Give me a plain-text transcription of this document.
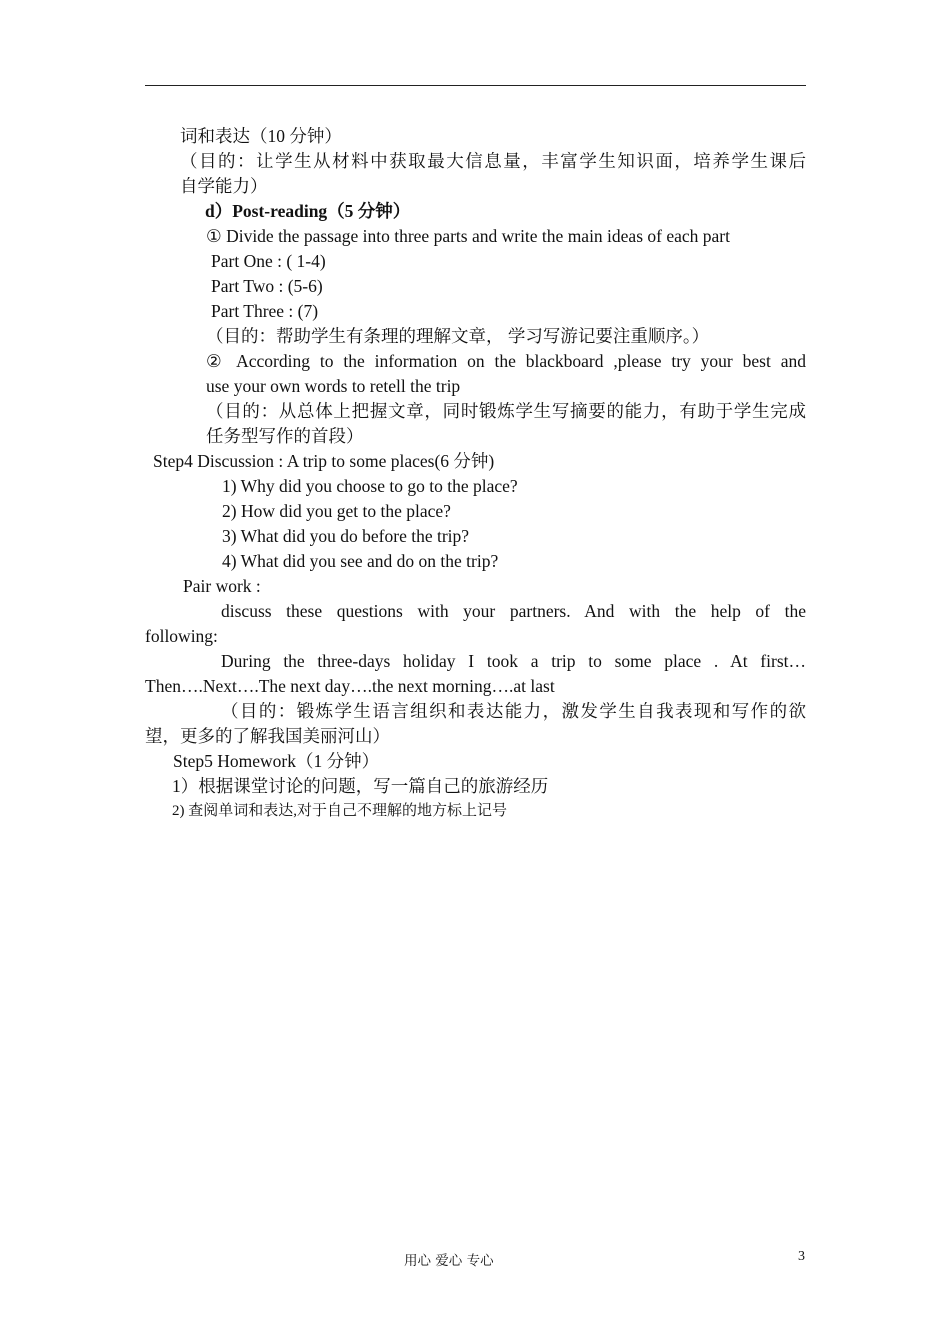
词和表达（10 分钟）
（目的：让学生从材料中获取最大信息量，丰富学生知识面，培养学生课后
自学能力）
d）Post-reading（5 分钟）
① Divide the passage into three parts and write the main ideas of each part
Part One : ( 1-4)
Part Two : (5-6)
Part Three : (7)
（目的：帮助学生有条理的理解文章， 学习写游记要注重顺序。）
② According to the information on the blackboard ,please try your best and
use your own words to retell the trip
（目的：从总体上把握文章，同时锻炼学生写摘要的能力，有助于学生完成
任务型写作的首段）
Step4 Discussion : A trip to some places(6 分钟)
1) Why did you choose to go to the place?
2) How did you get to the place?
3) What did you do before the trip?
4) What did you see and do on the trip?
Pair work :
discuss these questions with your partners. And with the help of the
following:
During the three-days holiday I took a trip to some place . At first…
Then….Next….The next day….the next morning….at last
（目的：锻炼学生语言组织和表达能力，激发学生自我表现和写作的欲
望，更多的了解我国美丽河山）
Step5 Homework（1 分钟）
1）根据课堂讨论的问题，写一篇自己的旅游经历
2) 查阅单词和表达,对于自己不理解的地方标上记号
用心 爱心 专心	3
